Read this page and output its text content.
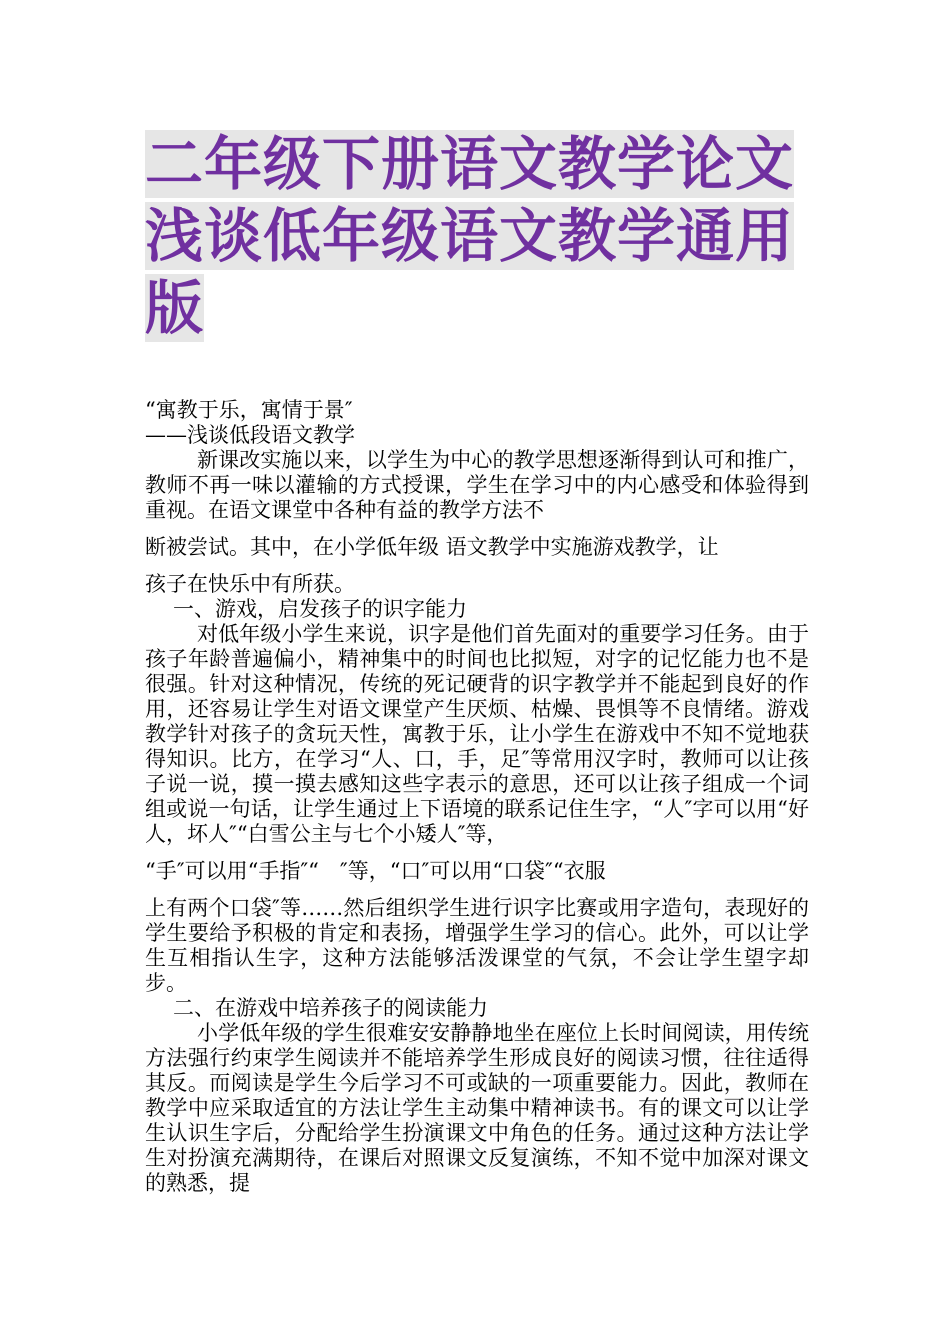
二年级下册语文教学论文
浅谈低年级语文教学通用
版

“寓教于乐，寓情于景″

——浅谈低段语文教学

新课改实施以来，以学生为中心的教学思想逐渐得到认可和推广，教师不再一味以灌输的方式授课，学生在学习中的内心感受和体验得到重视。在语文课堂中各种有益的教学方法不

断被尝试。其中，在小学低年级 语文教学中实施游戏教学，让

孩子在快乐中有所获。

一、游戏，启发孩子的识字能力

对低年级小学生来说，识字是他们首先面对的重要学习任务。由于孩子年龄普遍偏小，精神集中的时间也比拟短，对字的记忆能力也不是很强。针对这种情况，传统的死记硬背的识字教学并不能起到良好的作用，还容易让学生对语文课堂产生厌烦、枯燥、畏惧等不良情绪。游戏教学针对孩子的贪玩天性，寓教于乐，让小学生在游戏中不知不觉地获得知识。比方，在学习“人、口，手，足″等常用汉字时，教师可以让孩子说一说，摸一摸去感知这些字表示的意思，还可以让孩子组成一个词组或说一句话，让学生通过上下语境的联系记住生字，“人″字可以用“好人，坏人″“白雪公主与七个小矮人″等，

“手″可以用“手指″“　″等，“口″可以用“口袋″“衣服

上有两个口袋″等……然后组织学生进行识字比赛或用字造句，表现好的学生要给予积极的肯定和表扬，增强学生学习的信心。此外，可以让学生互相指认生字，这种方法能够活泼课堂的气氛，不会让学生望字却步。

二、在游戏中培养孩子的阅读能力

小学低年级的学生很难安安静静地坐在座位上长时间阅读，用传统方法强行约束学生阅读并不能培养学生形成良好的阅读习惯，往往适得其反。而阅读是学生今后学习不可或缺的一项重要能力。因此，教师在教学中应采取适宜的方法让学生主动集中精神读书。有的课文可以让学生认识生字后，分配给学生扮演课文中角色的任务。通过这种方法让学生对扮演充满期待，在课后对照课文反复演练，不知不觉中加深对课文的熟悉，提
